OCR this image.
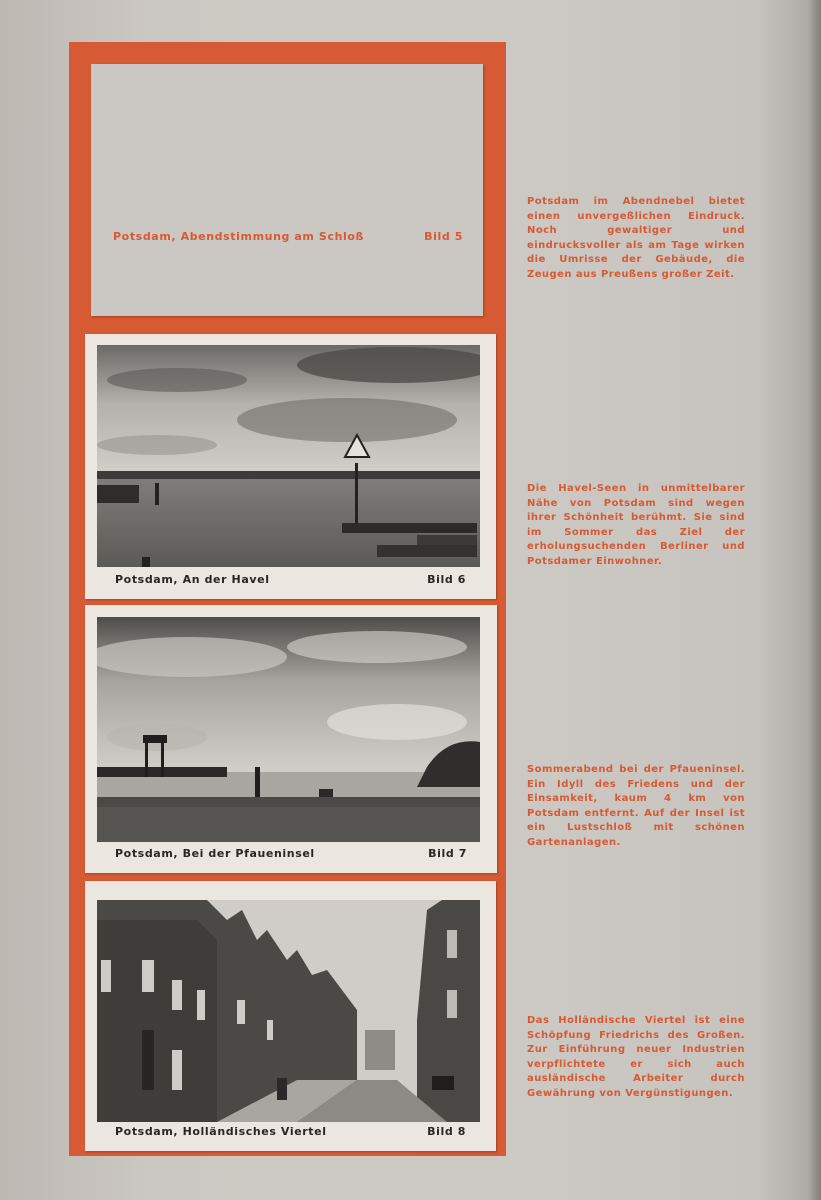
Potsdam, Abendstimmung am Schloß	Bild 5
Potsdam, An der Havel	Bild 6
Potsdam, Bei der Pfaueninsel	Bild 7
Potsdam, Holländisches Viertel	Bild 8
Potsdam im Abendnebel bietet einen unvergeßlichen Eindruck. Noch gewaltiger und eindrucksvoller als am Tage wirken die Umrisse der Gebäude, die Zeugen aus Preußens großer Zeit.
Die Havel-Seen in unmittelbarer Nähe von Potsdam sind wegen ihrer Schönheit berühmt. Sie sind im Sommer das Ziel der erholungsuchenden Berliner und Potsdamer Einwohner.
Sommerabend bei der Pfaueninsel. Ein Idyll des Friedens und der Einsamkeit, kaum 4 km von Potsdam entfernt. Auf der Insel ist ein Lustschloß mit schönen Gartenanlagen.
Das Holländische Viertel ist eine Schöpfung Friedrichs des Großen. Zur Einführung neuer Industrien verpflichtete er sich auch ausländische Arbeiter durch Gewährung von Vergünstigungen.
